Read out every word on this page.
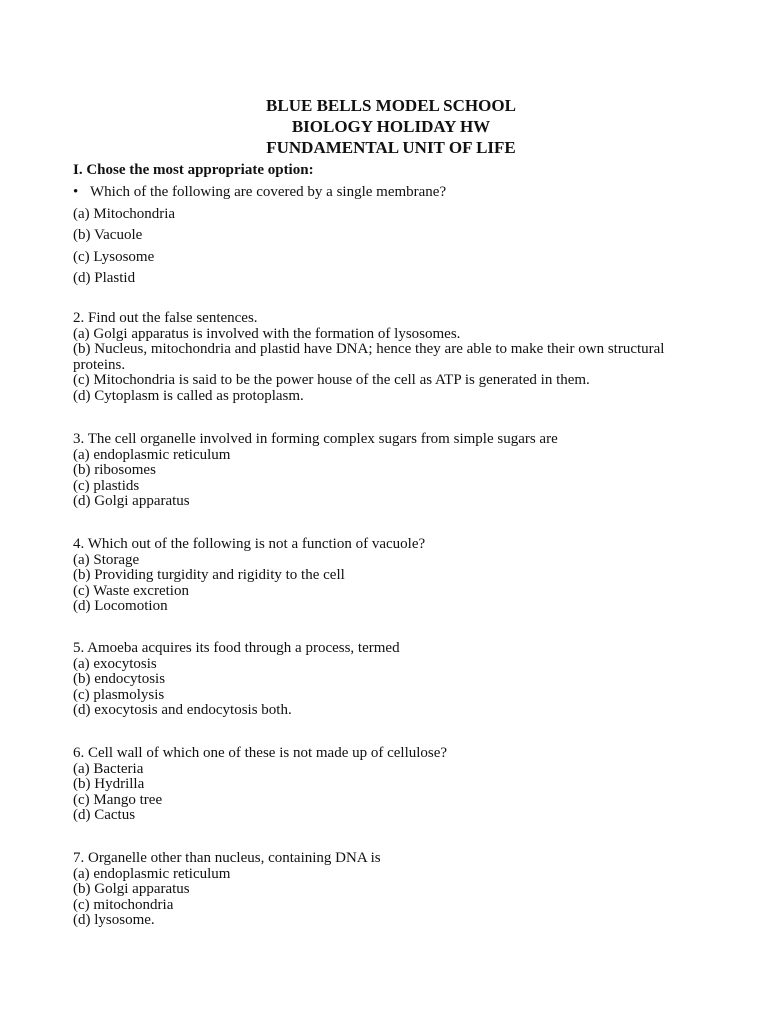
BLUE BELLS MODEL SCHOOL
BIOLOGY HOLIDAY HW
FUNDAMENTAL UNIT OF LIFE
I. Chose the most appropriate option:
• Which of the following are covered by a single membrane?
(a) Mitochondria
(b) Vacuole
(c) Lysosome
(d) Plastid
2. Find out the false sentences.
(a) Golgi apparatus is involved with the formation of lysosomes.
(b) Nucleus, mitochondria and plastid have DNA; hence they are able to make their own structural proteins.
(c) Mitochondria is said to be the power house of the cell as ATP is generated in them.
(d) Cytoplasm is called as protoplasm.
3. The cell organelle involved in forming complex sugars from simple sugars are
(a) endoplasmic reticulum
(b) ribosomes
(c) plastids
(d) Golgi apparatus
4. Which out of the following is not a function of vacuole?
(a) Storage
(b) Providing turgidity and rigidity to the cell
(c) Waste excretion
(d) Locomotion
5. Amoeba acquires its food through a process, termed
(a) exocytosis
(b) endocytosis
(c) plasmolysis
(d) exocytosis and endocytosis both.
6. Cell wall of which one of these is not made up of cellulose?
(a) Bacteria
(b) Hydrilla
(c) Mango tree
(d) Cactus
7. Organelle other than nucleus, containing DNA is
(a) endoplasmic reticulum
(b) Golgi apparatus
(c) mitochondria
(d) lysosome.
